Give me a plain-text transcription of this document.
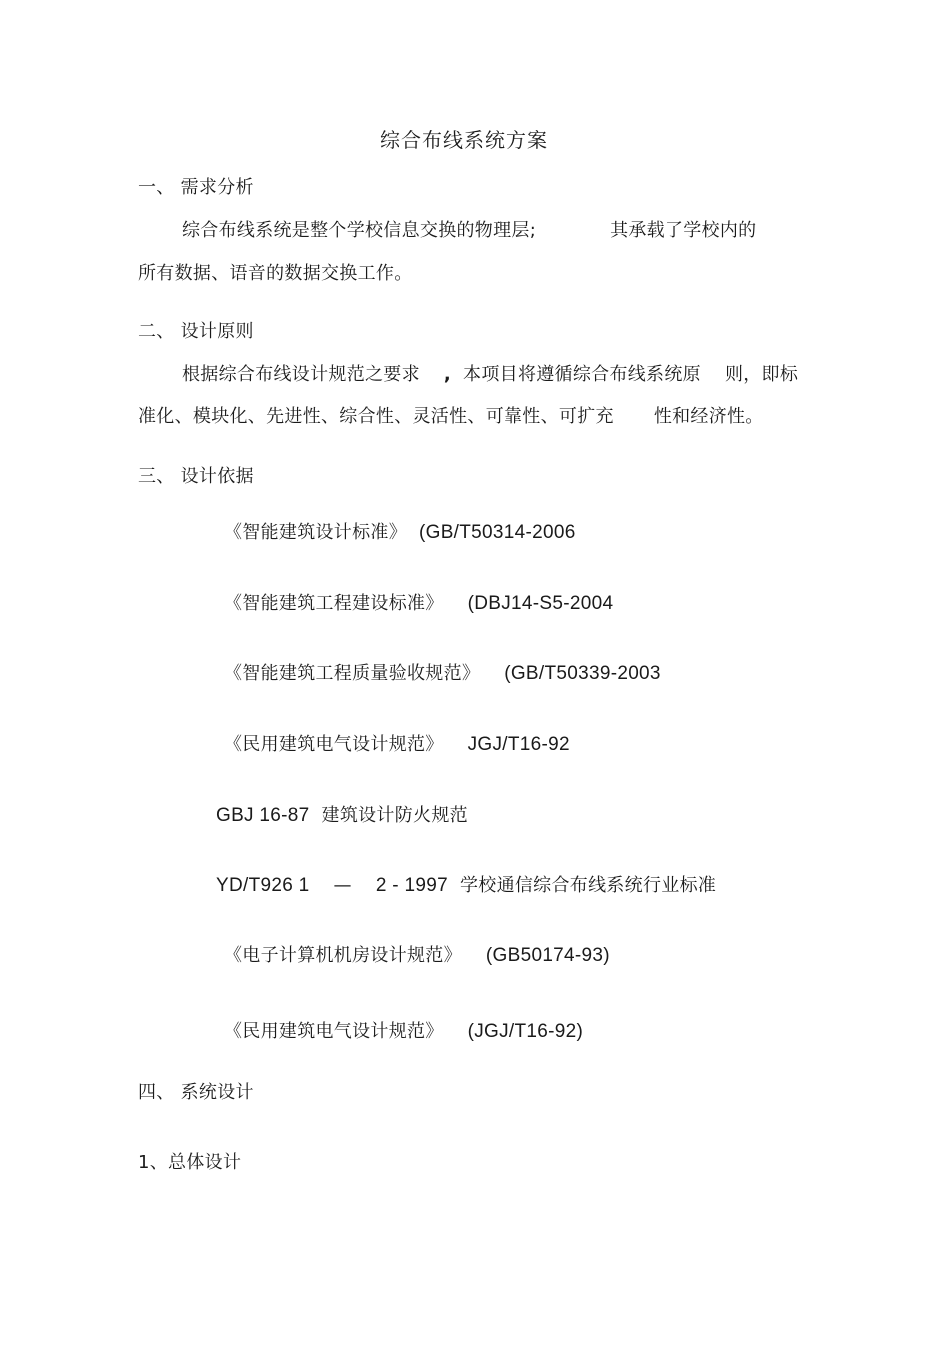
综合布线系统方案
一、 需求分析
综合布线系统是整个学校信息交换的物理层;	其承载了学校内的
所有数据、语音的数据交换工作。
二、 设计原则
根据综合布线设计规范之要求 , 本项目将遵循综合布线系统原 则，即标
准化、模块化、先进性、综合性、灵活性、可靠性、可扩充 性和经济性。
三、 设计依据
《智能建筑设计标准》 (GB/T50314-2006
《智能建筑工程建设标准》 (DBJ14-S5-2004
《智能建筑工程质量验收规范》 (GB/T50339-2003
《民用建筑电气设计规范》 JGJ/T16-92
GBJ 16-87 建筑设计防火规范
YD/T926 1 — 2 - 1997 学校通信综合布线系统行业标准
《电子计算机机房设计规范》 (GB50174-93)
《民用建筑电气设计规范》 (JGJ/T16-92)
四、 系统设计
1、总体设计
